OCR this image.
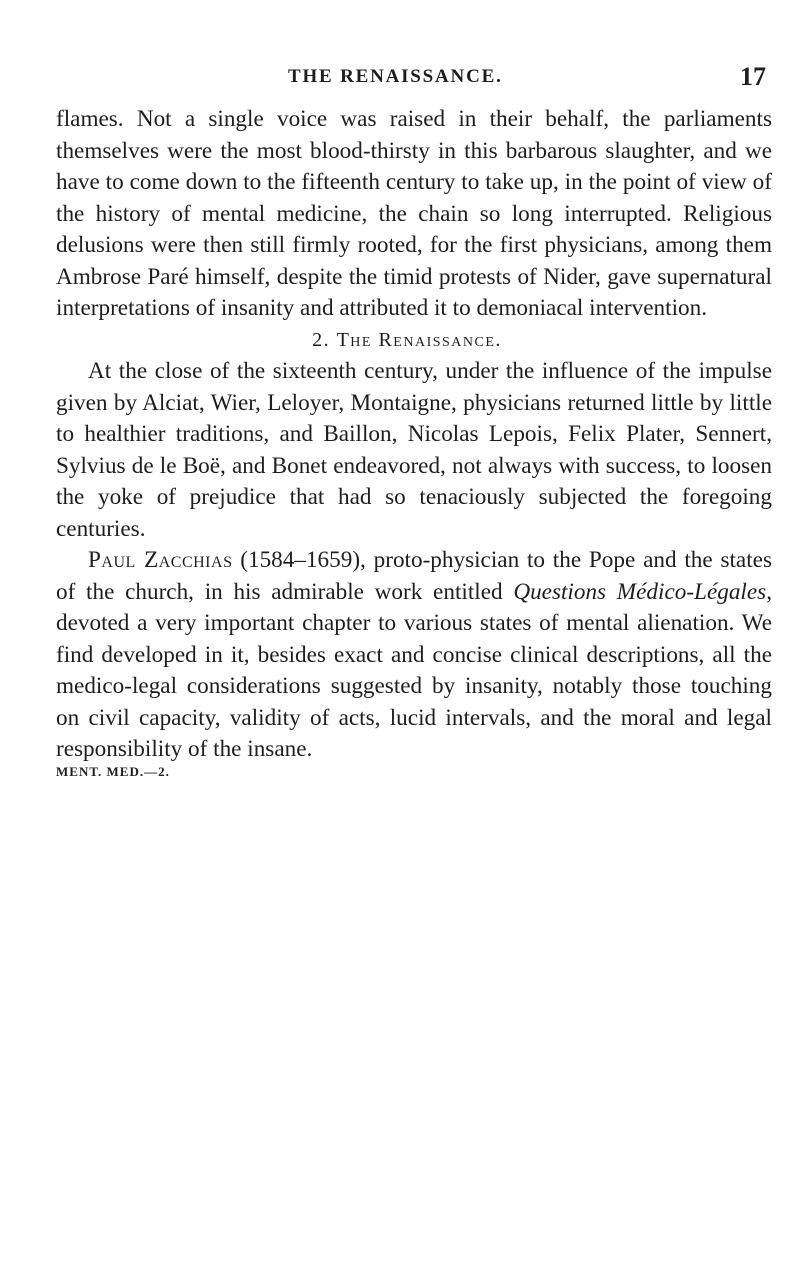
THE RENAISSANCE.	17

flames. Not a single voice was raised in their behalf, the parliaments themselves were the most blood-thirsty in this barbarous slaughter, and we have to come down to the fifteenth century to take up, in the point of view of the history of mental medicine, the chain so long interrupted. Religious delusions were then still firmly rooted, for the first physicians, among them Ambrose Paré himself, despite the timid protests of Nider, gave supernatural interpretations of insanity and attributed it to demoniacal intervention.

2. The Renaissance.

At the close of the sixteenth century, under the influence of the impulse given by Alciat, Wier, Leloyer, Montaigne, physicians returned little by little to healthier traditions, and Baillon, Nicolas Lepois, Felix Plater, Sennert, Sylvius de le Boë, and Bonet endeavored, not always with success, to loosen the yoke of prejudice that had so tenaciously subjected the foregoing centuries.

Paul Zacchias (1584–1659), proto-physician to the Pope and the states of the church, in his admirable work entitled Questions Médico-Légales, devoted a very important chapter to various states of mental alienation. We find developed in it, besides exact and concise clinical descriptions, all the medico-legal considerations suggested by insanity, notably those touching on civil capacity, validity of acts, lucid intervals, and the moral and legal responsibility of the insane.

MENT. MED.—2.
